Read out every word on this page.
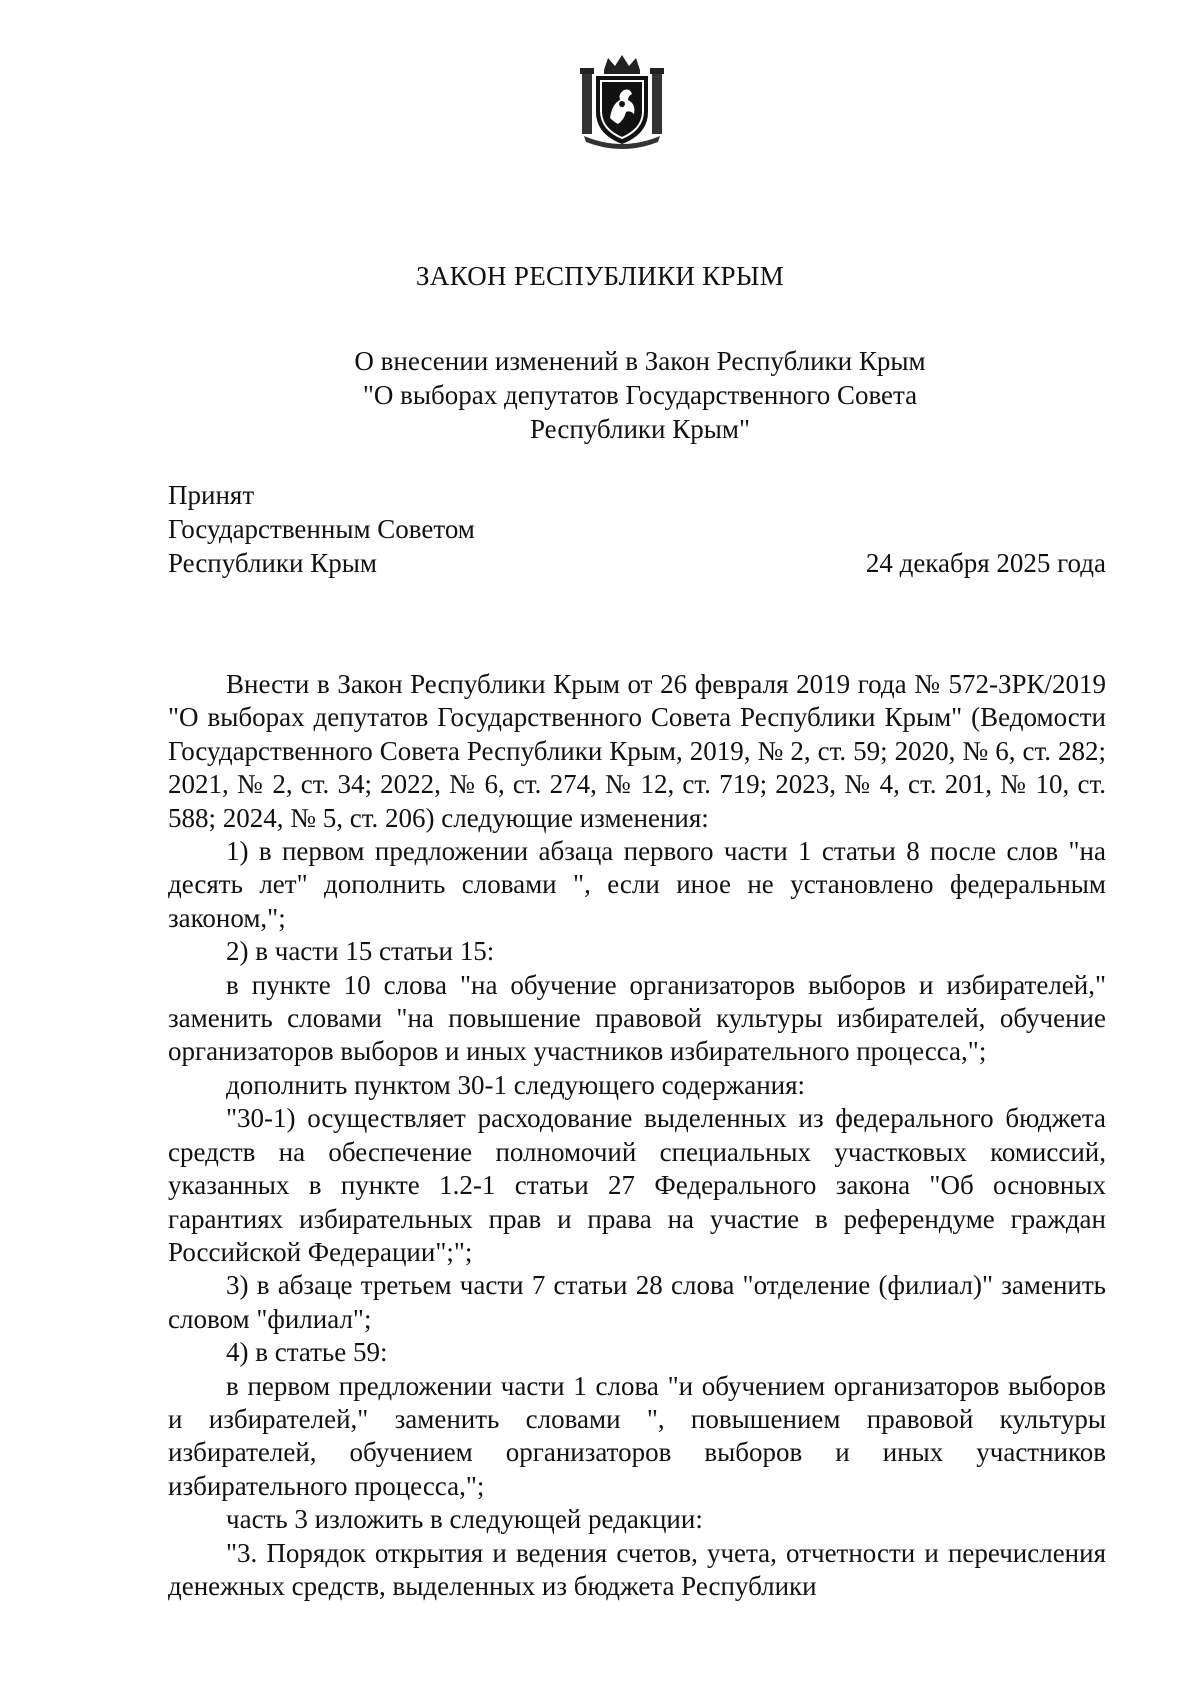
ЗАКОН РЕСПУБЛИКИ КРЫМ
О внесении изменений в Закон Республики Крым
"О выборах депутатов Государственного Совета
Республики Крым"
Принят
Государственным Советом
Республики Крым	24 декабря 2025 года

Внести в Закон Республики Крым от 26 февраля 2019 года № 572-ЗРК/2019 "О выборах депутатов Государственного Совета Республики Крым" (Ведомости Государственного Совета Республики Крым, 2019, № 2, ст. 59; 2020, № 6, ст. 282; 2021, № 2, ст. 34; 2022, № 6, ст. 274, № 12, ст. 719; 2023, № 4, ст. 201, № 10, ст. 588; 2024, № 5, ст. 206) следующие изменения:

1) в первом предложении абзаца первого части 1 статьи 8 после слов "на десять лет" дополнить словами ", если иное не установлено федеральным законом,";

2) в части 15 статьи 15:

в пункте 10 слова "на обучение организаторов выборов и избирателей," заменить словами "на повышение правовой культуры избирателей, обучение организаторов выборов и иных участников избирательного процесса,";

дополнить пунктом 30-1 следующего содержания:

"30-1) осуществляет расходование выделенных из федерального бюджета средств на обеспечение полномочий специальных участковых комиссий, указанных в пункте 1.2-1 статьи 27 Федерального закона "Об основных гарантиях избирательных прав и права на участие в референдуме граждан Российской Федерации";";

3) в абзаце третьем части 7 статьи 28 слова "отделение (филиал)" заменить словом "филиал";

4) в статье 59:

в первом предложении части 1 слова "и обучением организаторов выборов и избирателей," заменить словами ", повышением правовой культуры избирателей, обучением организаторов выборов и иных участников избирательного процесса,";

часть 3 изложить в следующей редакции:

"3. Порядок открытия и ведения счетов, учета, отчетности и перечисления денежных средств, выделенных из бюджета Республики
